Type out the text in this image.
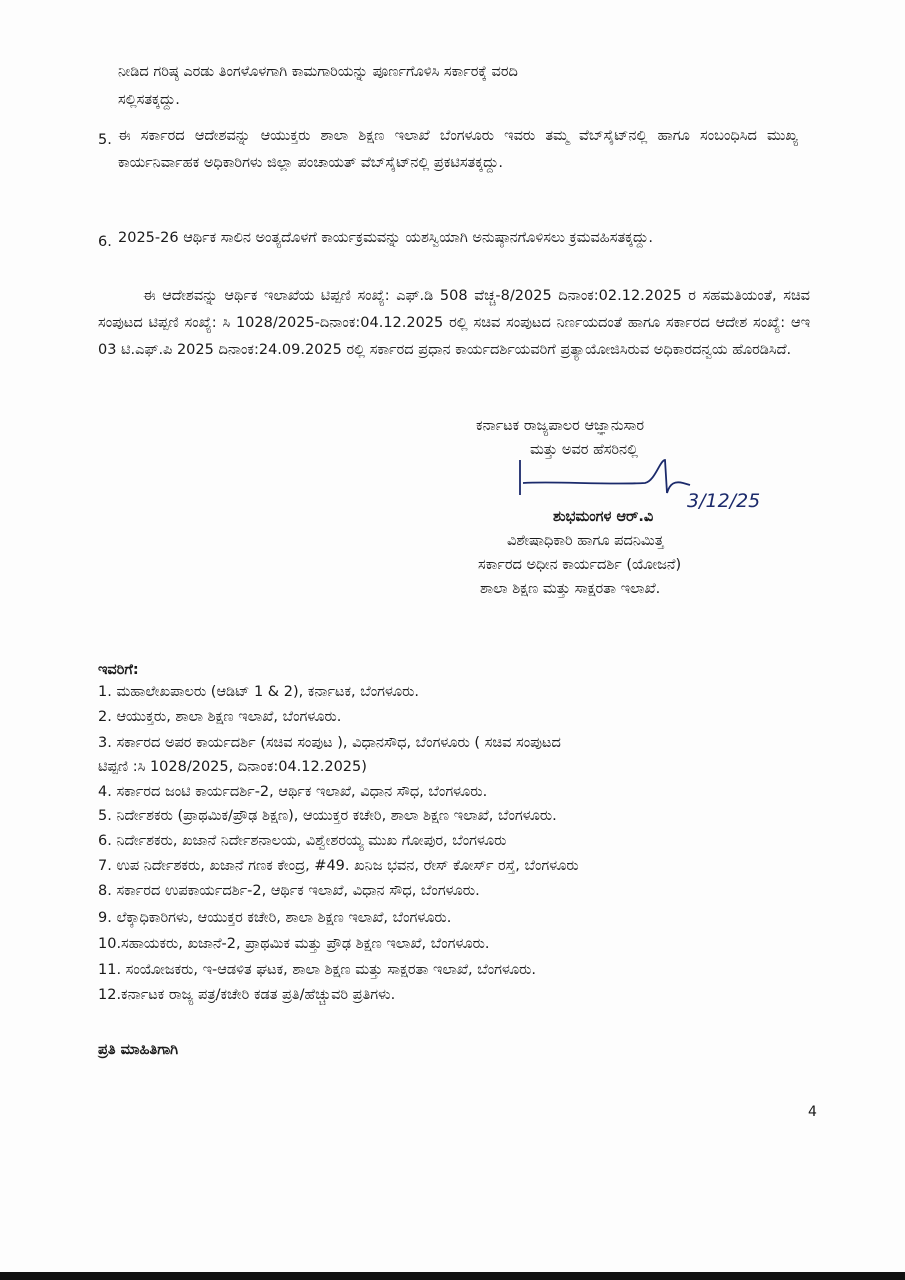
ನೀಡಿದ ಗರಿಷ್ಠ ಎರಡು ತಿಂಗಳೊಳಗಾಗಿ ಕಾಮಗಾರಿಯನ್ನು ಪೂರ್ಣಗೊಳಿಸಿ ಸರ್ಕಾರಕ್ಕೆ ವರದಿ
ಸಲ್ಲಿಸತಕ್ಕದ್ದು.
5. ಈ ಸರ್ಕಾರದ ಆದೇಶವನ್ನು ಆಯುಕ್ತರು ಶಾಲಾ ಶಿಕ್ಷಣ ಇಲಾಖೆ ಬೆಂಗಳೂರು ಇವರು ತಮ್ಮ ವೆಬ್‌ಸೈಟ್‌ನಲ್ಲಿ ಹಾಗೂ ಸಂಬಂಧಿಸಿದ ಮುಖ್ಯ ಕಾರ್ಯನಿರ್ವಾಹಕ ಅಧಿಕಾರಿಗಳು ಜಿಲ್ಲಾ ಪಂಚಾಯತ್ ವೆಬ್‌ಸೈಟ್‌ನಲ್ಲಿ ಪ್ರಕಟಿಸತಕ್ಕದ್ದು.
6. 2025-26 ಆರ್ಥಿಕ ಸಾಲಿನ ಅಂತ್ಯದೊಳಗೆ ಕಾರ್ಯಕ್ರಮವನ್ನು ಯಶಸ್ವಿಯಾಗಿ ಅನುಷ್ಠಾನಗೊಳಿಸಲು ಕ್ರಮವಹಿಸತಕ್ಕದ್ದು.
ಈ ಆದೇಶವನ್ನು ಆರ್ಥಿಕ ಇಲಾಖೆಯ ಟಿಪ್ಪಣಿ ಸಂಖ್ಯೆ: ಎಫ್.ಡಿ 508 ವೆಚ್ಚ-8/2025 ದಿನಾಂಕ:02.12.2025 ರ ಸಹಮತಿಯಂತೆ, ಸಚಿವ ಸಂಪುಟದ ಟಿಪ್ಪಣಿ ಸಂಖ್ಯೆ: ಸಿ 1028/2025-ದಿನಾಂಕ:04.12.2025 ರಲ್ಲಿ ಸಚಿವ ಸಂಪುಟದ ನಿರ್ಣಯದಂತೆ ಹಾಗೂ ಸರ್ಕಾರದ ಆದೇಶ ಸಂಖ್ಯೆ: ಆಇ 03 ಟಿ.ಎಫ್.ಪಿ 2025 ದಿನಾಂಕ:24.09.2025 ರಲ್ಲಿ ಸರ್ಕಾರದ ಪ್ರಧಾನ ಕಾರ್ಯದರ್ಶಿಯವರಿಗೆ ಪ್ರತ್ಯಾಯೋಜಿಸಿರುವ ಅಧಿಕಾರದನ್ವಯ ಹೊರಡಿಸಿದೆ.
ಕರ್ನಾಟಕ ರಾಜ್ಯಪಾಲರ ಆಜ್ಞಾನುಸಾರ
ಮತ್ತು ಅವರ ಹೆಸರಿನಲ್ಲಿ
3/12/25
ಶುಭಮಂಗಳ ಆರ್.ವಿ
ವಿಶೇಷಾಧಿಕಾರಿ ಹಾಗೂ ಪದನಿಮಿತ್ತ
ಸರ್ಕಾರದ ಅಧೀನ ಕಾರ್ಯದರ್ಶಿ (ಯೋಜನೆ)
ಶಾಲಾ ಶಿಕ್ಷಣ ಮತ್ತು ಸಾಕ್ಷರತಾ ಇಲಾಖೆ.
ಇವರಿಗೆ:
1. ಮಹಾಲೇಖಪಾಲರು (ಆಡಿಟ್ 1 & 2), ಕರ್ನಾಟಕ, ಬೆಂಗಳೂರು.
2. ಆಯುಕ್ತರು, ಶಾಲಾ ಶಿಕ್ಷಣ ಇಲಾಖೆ, ಬೆಂಗಳೂರು.
3. ಸರ್ಕಾರದ ಅಪರ ಕಾರ್ಯದರ್ಶಿ (ಸಚಿವ ಸಂಪುಟ ), ವಿಧಾನಸೌಧ, ಬೆಂಗಳೂರು ( ಸಚಿವ ಸಂಪುಟದ
ಟಿಪ್ಪಣಿ :ಸಿ 1028/2025, ದಿನಾಂಕ:04.12.2025)
4. ಸರ್ಕಾರದ ಜಂಟಿ ಕಾರ್ಯದರ್ಶಿ-2, ಆರ್ಥಿಕ ಇಲಾಖೆ, ವಿಧಾನ ಸೌಧ, ಬೆಂಗಳೂರು.
5. ನಿರ್ದೇಶಕರು (ಪ್ರಾಥಮಿಕ/ಪ್ರೌಢ ಶಿಕ್ಷಣ), ಆಯುಕ್ತರ ಕಚೇರಿ, ಶಾಲಾ ಶಿಕ್ಷಣ ಇಲಾಖೆ, ಬೆಂಗಳೂರು.
6. ನಿರ್ದೇಶಕರು, ಖಜಾನೆ ನಿರ್ದೇಶನಾಲಯ, ವಿಶ್ವೇಶರಯ್ಯ ಮುಖ ಗೋಪುರ, ಬೆಂಗಳೂರು
7. ಉಪ ನಿರ್ದೇಶಕರು, ಖಜಾನೆ ಗಣಕ ಕೇಂದ್ರ, #49. ಖನಿಜ ಭವನ, ರೇಸ್ ಕೋರ್ಸ್ ರಸ್ತೆ, ಬೆಂಗಳೂರು
8. ಸರ್ಕಾರದ ಉಪಕಾರ್ಯದರ್ಶಿ-2, ಆರ್ಥಿಕ ಇಲಾಖೆ, ವಿಧಾನ ಸೌಧ, ಬೆಂಗಳೂರು.
9. ಲೆಕ್ಕಾಧಿಕಾರಿಗಳು, ಆಯುಕ್ತರ ಕಚೇರಿ, ಶಾಲಾ ಶಿಕ್ಷಣ ಇಲಾಖೆ, ಬೆಂಗಳೂರು.
10.ಸಹಾಯಕರು, ಖಜಾನೆ-2, ಪ್ರಾಥಮಿಕ ಮತ್ತು ಪ್ರೌಢ ಶಿಕ್ಷಣ ಇಲಾಖೆ, ಬೆಂಗಳೂರು.
11. ಸಂಯೋಜಕರು, ಇ-ಆಡಳಿತ ಘಟಕ, ಶಾಲಾ ಶಿಕ್ಷಣ ಮತ್ತು ಸಾಕ್ಷರತಾ ಇಲಾಖೆ, ಬೆಂಗಳೂರು.
12.ಕರ್ನಾಟಕ ರಾಜ್ಯ ಪತ್ರ/ಕಚೇರಿ ಕಡತ ಪ್ರತಿ/ಹೆಚ್ಚುವರಿ ಪ್ರತಿಗಳು.
ಪ್ರತಿ ಮಾಹಿತಿಗಾಗಿ
4
